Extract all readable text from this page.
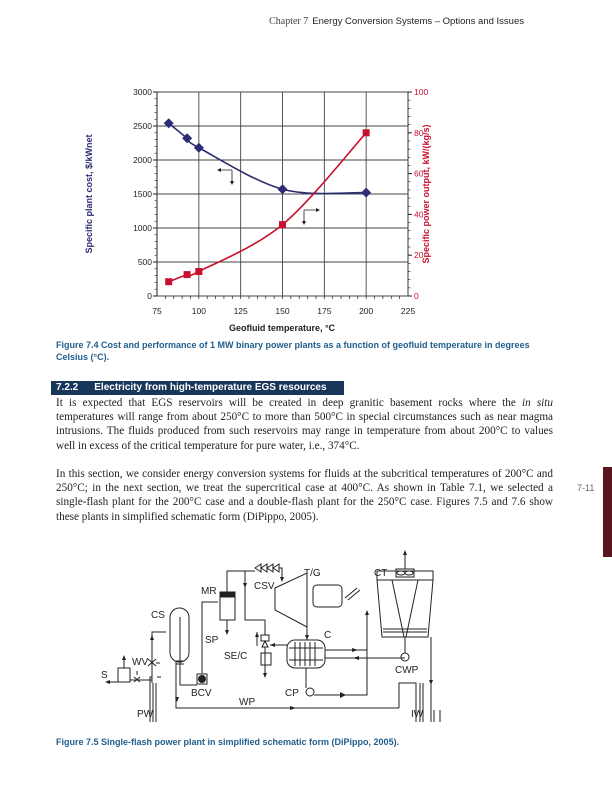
Chapter 7 Energy Conversion Systems – Options and Issues
75	100	125	150	175	200	225
0
500
1000
1500
2000
2500
3000
0
20
40
60
80
100
Geofluid temperature, °C
Specific plant cost, $/kWnet	Specific power output, kW/(kg/s)
Figure 7.4 Cost and performance of 1 MW binary power plants as a function of geofluid temperature in degrees Celsius (°C).
7.2.2 Electricity from high-temperature EGS resources
It is expected that EGS reservoirs will be created in deep granitic basement rocks where the in situ temperatures will range from about 250°C to more than 500°C in special circumstances such as near magma intrusions. The fluids produced from such reservoirs may range in temperature from about 200°C to values well in excess of the critical temperature for pure water, i.e., 374°C.
In this section, we consider energy conversion systems for fluids at the subcritical temperatures of 200°C and 250°C; in the next section, we treat the supercritical case at 400°C. As shown in Table 7.1, we selected a single-flash plant for the 200°C case and a double-flash plant for the 250°C case. Figures 7.5 and 7.6 show these plants in simplified schematic form (DiPippo, 2005).
7-11
S
WV
CS
MR	CSV
T/G	CT
SP
SE/C
C
CWP
CP
BCV
WP
PW	IW
Figure 7.5 Single-flash power plant in simplified schematic form (DiPippo, 2005).
